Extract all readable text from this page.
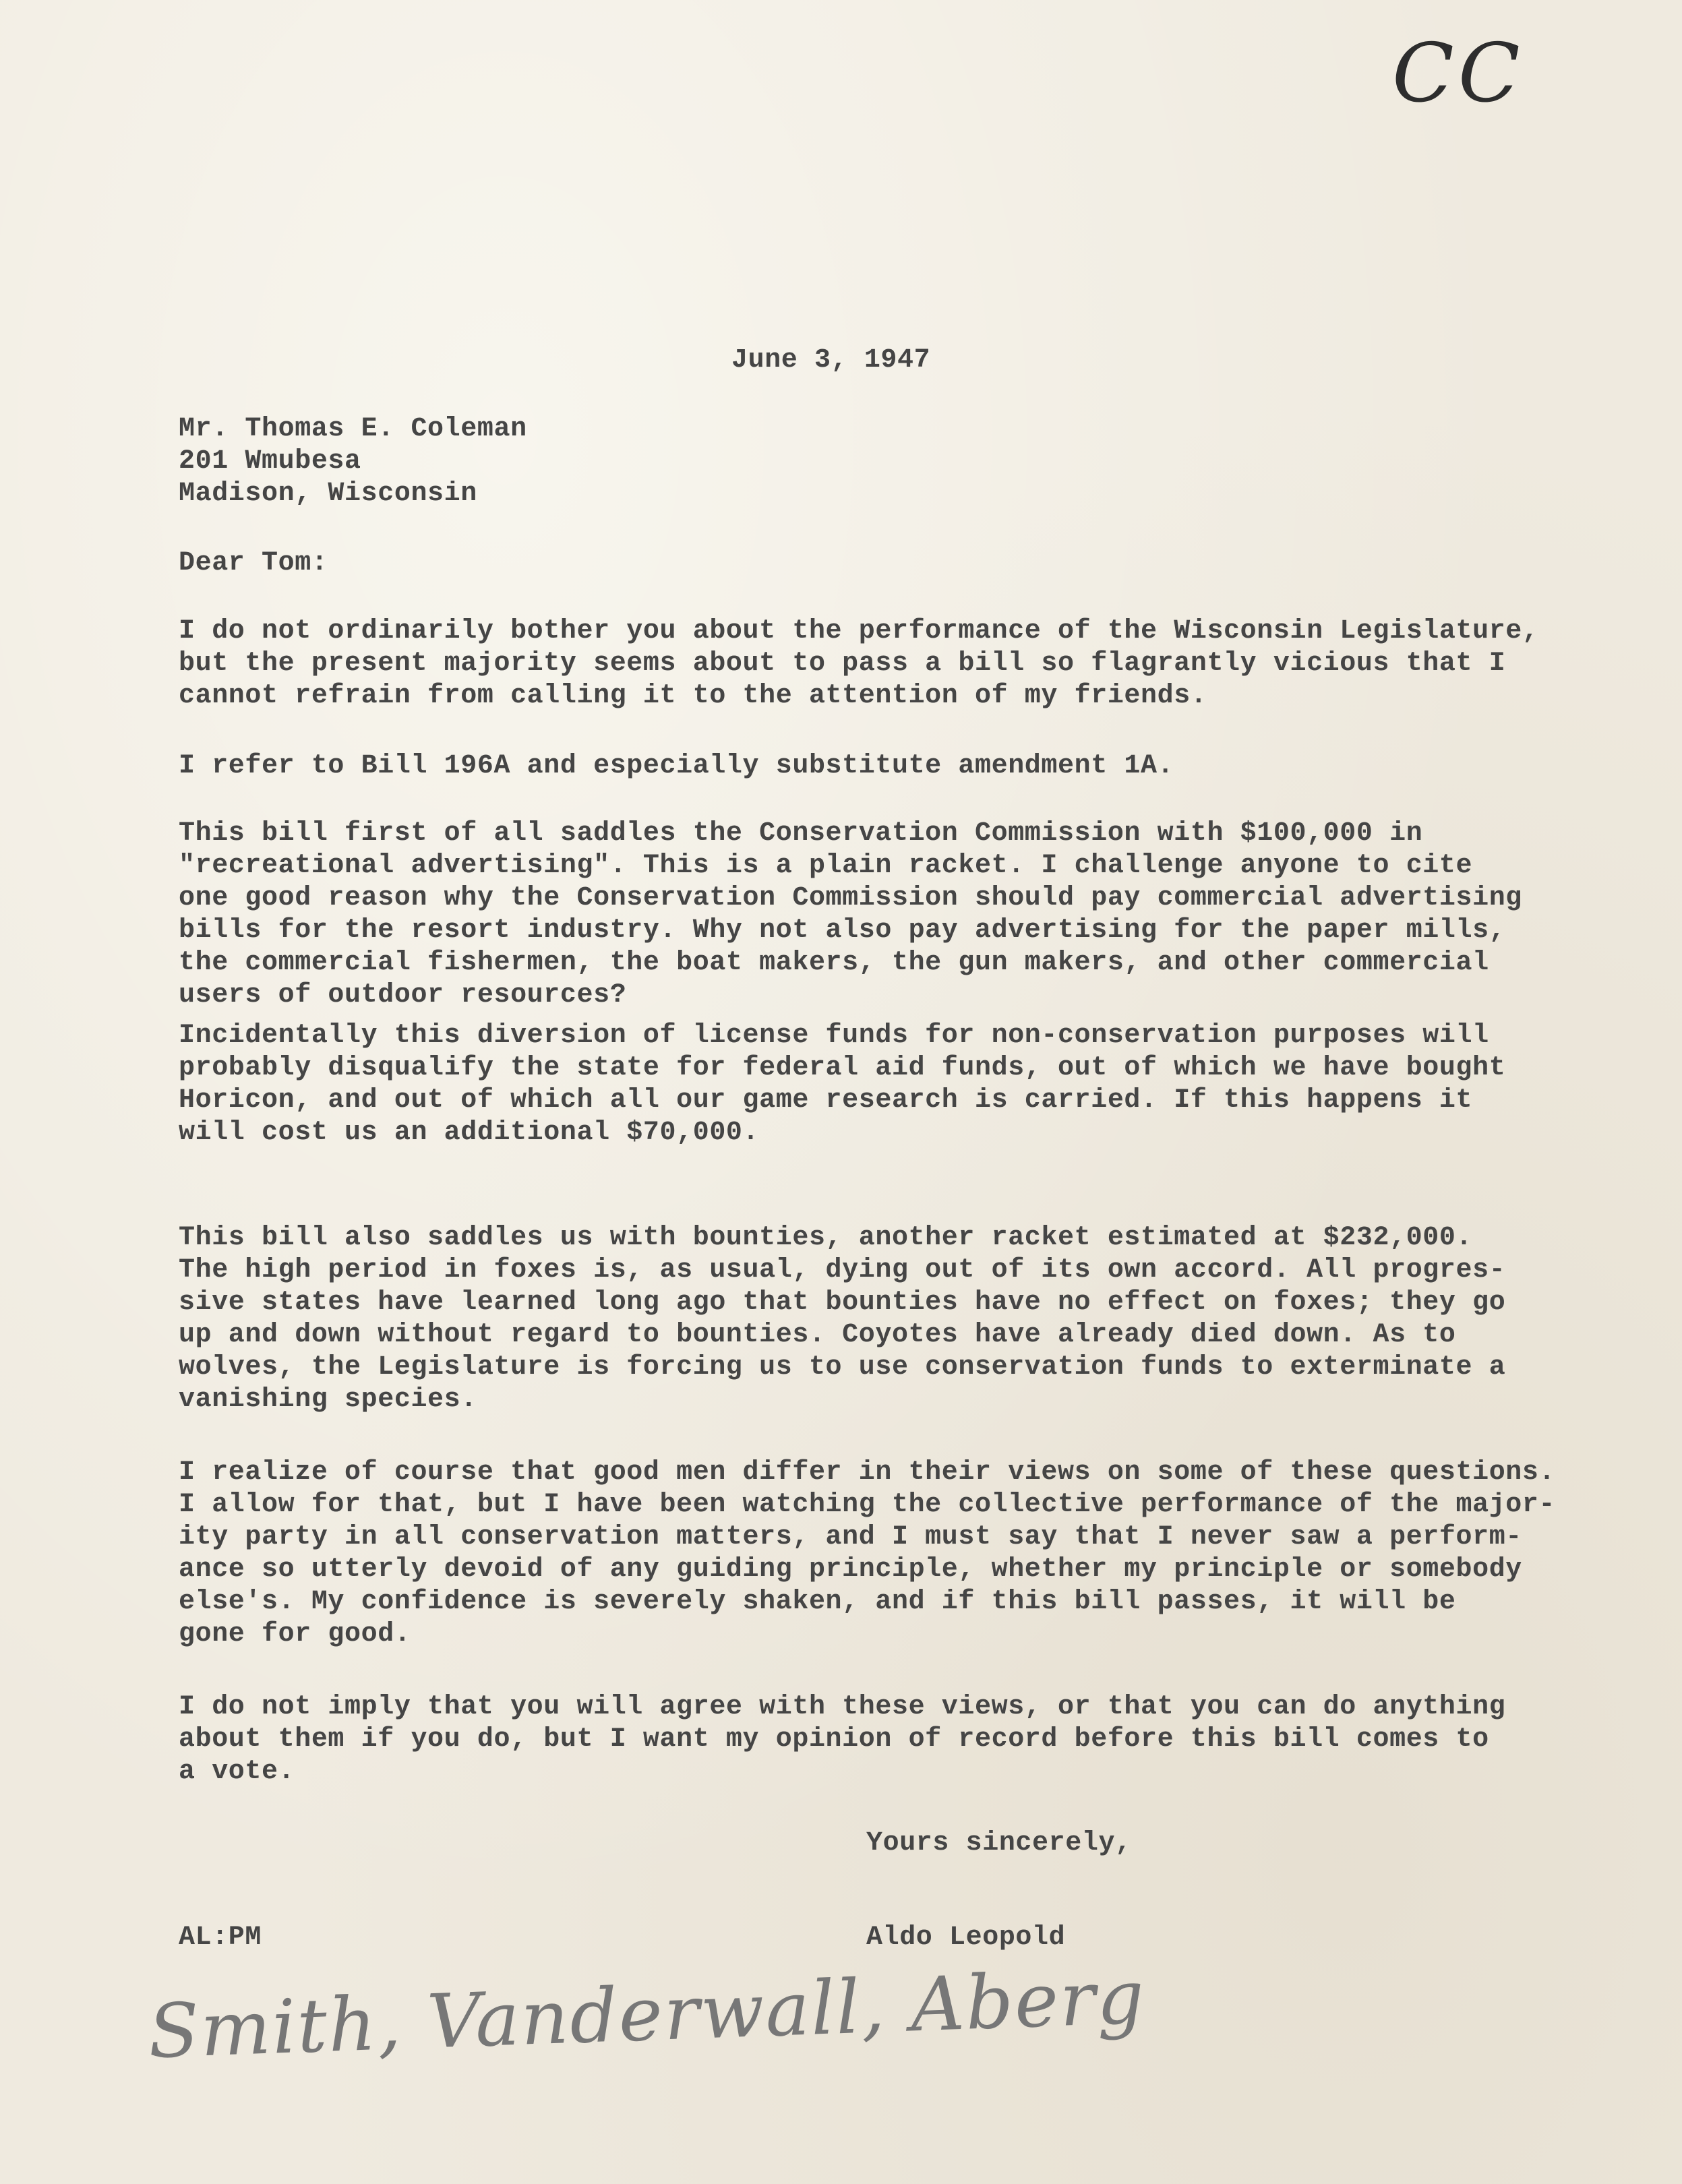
CC

June 3, 1947

Mr. Thomas E. Coleman
201 Wmubesa
Madison, Wisconsin

Dear Tom:

I do not ordinarily bother you about the performance of the Wisconsin Legislature,
but the present majority seems about to pass a bill so flagrantly vicious that I
cannot refrain from calling it to the attention of my friends.
I refer to Bill 196A and especially substitute amendment 1A.
This bill first of all saddles the Conservation Commission with $100,000 in
"recreational advertising". This is a plain racket. I challenge anyone to cite
one good reason why the Conservation Commission should pay commercial advertising
bills for the resort industry. Why not also pay advertising for the paper mills,
the commercial fishermen, the boat makers, the gun makers, and other commercial
users of outdoor resources?
Incidentally this diversion of license funds for non-conservation purposes will
probably disqualify the state for federal aid funds, out of which we have bought
Horicon, and out of which all our game research is carried. If this happens it
will cost us an additional $70,000.
This bill also saddles us with bounties, another racket estimated at $232,000.
The high period in foxes is, as usual, dying out of its own accord. All progres-
sive states have learned long ago that bounties have no effect on foxes; they go
up and down without regard to bounties. Coyotes have already died down. As to
wolves, the Legislature is forcing us to use conservation funds to exterminate a
vanishing species.
I realize of course that good men differ in their views on some of these questions.
I allow for that, but I have been watching the collective performance of the major-
ity party in all conservation matters, and I must say that I never saw a perform-
ance so utterly devoid of any guiding principle, whether my principle or somebody
else's. My confidence is severely shaken, and if this bill passes, it will be
gone for good.
I do not imply that you will agree with these views, or that you can do anything
about them if you do, but I want my opinion of record before this bill comes to
a vote.

Yours sincerely,

AL:PM	Aldo Leopold

Smith, Vanderwall, Aberg
